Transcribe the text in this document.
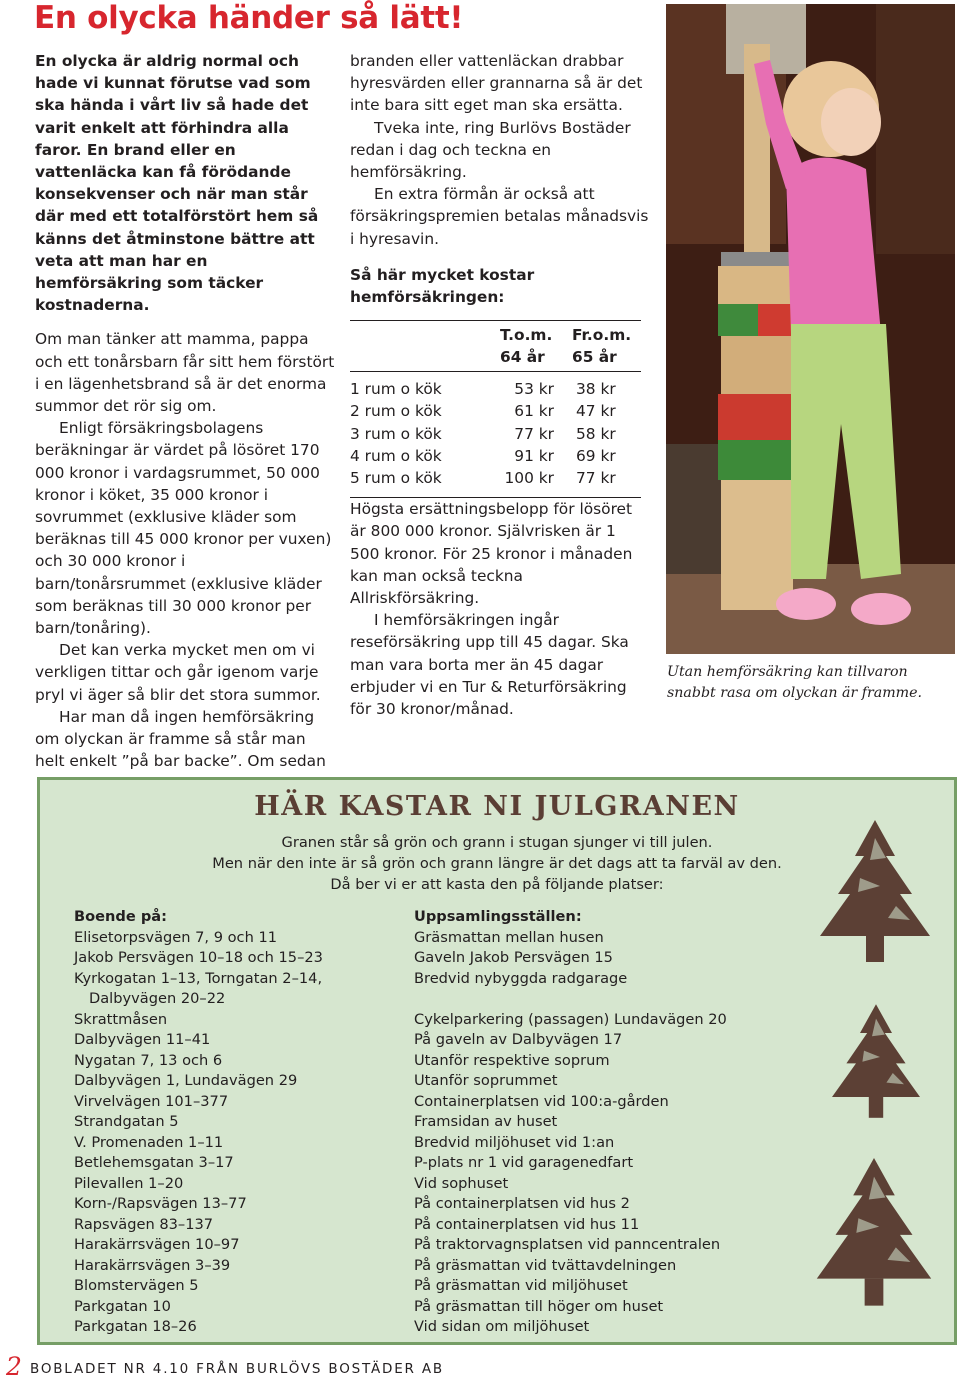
En olycka händer så lätt!

En olycka är aldrig normal och hade vi kunnat förutse vad som ska hända i vårt liv så hade det varit enkelt att förhindra alla faror. En brand eller en vattenläcka kan få förödande konsekvenser och när man står där med ett totalförstört hem så känns det åtminstone bättre att veta att man har en hemförsäkring som täcker kostnaderna.

Om man tänker att mamma, pappa och ett tonårsbarn får sitt hem förstört i en lägenhetsbrand så är det enorma summor det rör sig om.

Enligt försäkringsbolagens beräkningar är värdet på lösöret 170 000 kronor i vardagsrummet, 50 000 kronor i köket, 35 000 kronor i sovrummet (exklusive kläder som beräknas till 45 000 kronor per vuxen) och 30 000 kronor i barn/tonårsrummet (exklusive kläder som beräknas till 30 000 kronor per barn/tonåring).

Det kan verka mycket men om vi verkligen tittar och går igenom varje pryl vi äger så blir det stora summor.

Har man då ingen hemförsäkring om olyckan är framme så står man helt enkelt ”på bar backe”. Om sedan

branden eller vattenläckan drabbar hyresvärden eller grannarna så är det inte bara sitt eget man ska ersätta.

Tveka inte, ring Burlövs Bostäder redan i dag och teckna en hemförsäkring.

En extra förmån är också att försäkringspremien betalas månadsvis i hyresavin.

Så här mycket kostar hemförsäkringen:

	T.o.m.
64 år	Fr.o.m.
65 år
1 rum o kök	53 kr	38 kr
2 rum o kök	61 kr	47 kr
3 rum o kök	77 kr	58 kr
4 rum o kök	91 kr	69 kr
5 rum o kök	100 kr	77 kr

Högsta ersättningsbelopp för lösöret är 800 000 kronor. Självrisken är 1 500 kronor. För 25 kronor i månaden kan man också teckna Allriskförsäkring.

I hemförsäkringen ingår reseförsäkring upp till 45 dagar. Ska man vara borta mer än 45 dagar erbjuder vi en Tur & Returförsäkring för 30 kronor/månad.

Utan hemförsäkring kan tillvaron snabbt rasa om olyckan är framme.

HÄR KASTAR NI JULGRANEN
Granen står så grön och grann i stugan sjunger vi till julen.
Men när den inte är så grön och grann längre är det dags att ta farväl av den.
Då ber vi er att kasta den på följande platser:
Boende på:
Elisetorpsvägen 7, 9 och 11
Jakob Persvägen 10–18 och 15–23
Kyrkogatan 1–13, Torngatan 2–14,
Dalbyvägen 20–22
Skrattmåsen
Dalbyvägen 11–41
Nygatan 7, 13 och 6
Dalbyvägen 1, Lundavägen 29
Virvelvägen 101–377
Strandgatan 5
V. Promenaden 1–11
Betlehemsgatan 3–17
Pilevallen 1–20
Korn-/Rapsvägen 13–77
Rapsvägen 83–137
Harakärrsvägen 10–97
Harakärrsvägen 3–39
Blomstervägen 5
Parkgatan 10
Parkgatan 18–26
Uppsamlingsställen:
Gräsmattan mellan husen
Gaveln Jakob Persvägen 15
Bredvid nybyggda radgarage
Cykelparkering (passagen) Lundavägen 20
På gaveln av Dalbyvägen 17
Utanför respektive soprum
Utanför soprummet
Containerplatsen vid 100:a-gården
Framsidan av huset
Bredvid miljöhuset vid 1:an
P-plats nr 1 vid garagenedfart
Vid sophuset
På containerplatsen vid hus 2
På containerplatsen vid hus 11
På traktorvagnsplatsen vid panncentralen
På gräsmattan vid tvättavdelningen
På gräsmattan vid miljöhuset
På gräsmattan till höger om huset
Vid sidan om miljöhuset
2 BOBLADET NR 4.10 FRÅN BURLÖVS BOSTÄDER AB
